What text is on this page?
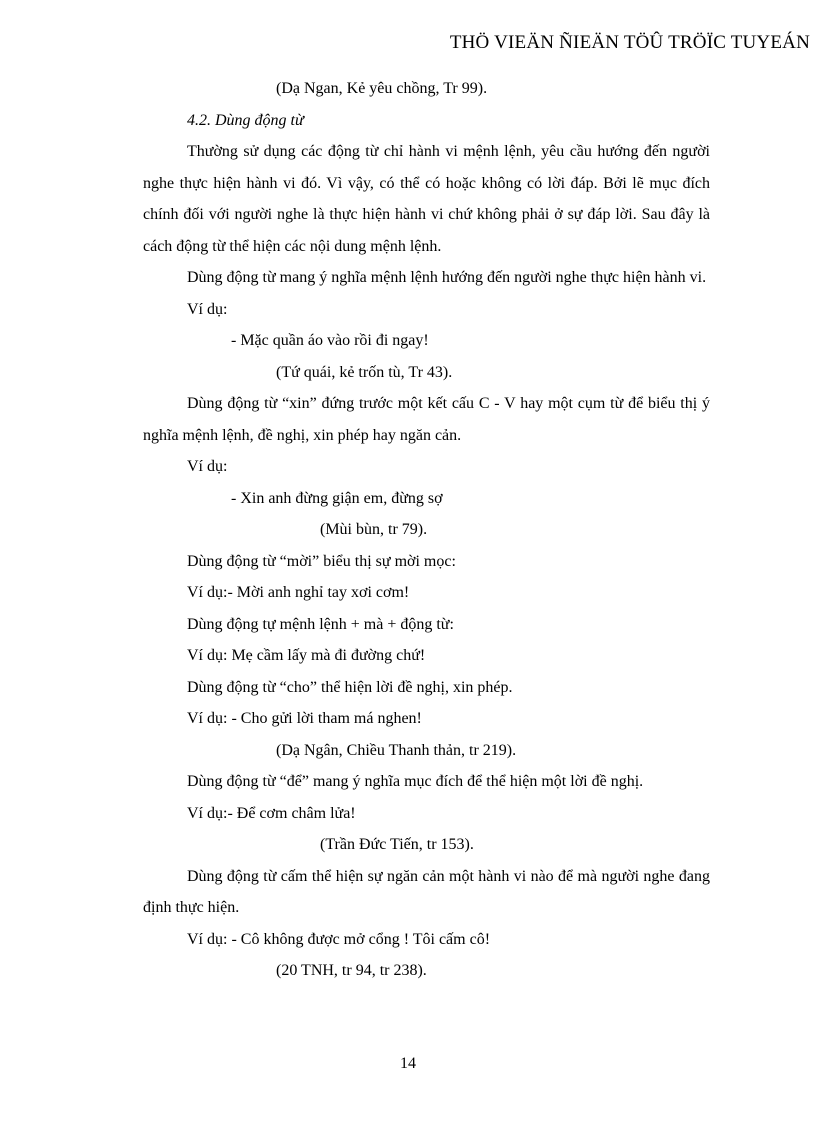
THÖ VIEÄN ÑIEÄN TÖÛ TRÖÏC TUYEÁN

(Dạ Ngan, Kẻ yêu chồng, Tr 99).

4.2. Dùng động từ

Thường sử dụng các động từ chỉ hành vi mệnh lệnh, yêu cầu hướng đến người nghe thực hiện hành vi đó. Vì vậy, có thể có hoặc không có lời đáp. Bởi lẽ mục đích chính đối với người nghe là thực hiện hành vi chứ không phải ở sự đáp lời. Sau đây là cách động từ thể hiện các nội dung mệnh lệnh.

Dùng động từ mang ý nghĩa mệnh lệnh hướng đến người nghe thực hiện hành vi.

Ví dụ:

- Mặc quần áo vào rồi đi ngay!

(Tứ quái, kẻ trốn tù, Tr 43).

Dùng động từ “xin” đứng trước một kết cấu C - V hay một cụm từ để biểu thị ý nghĩa mệnh lệnh, đề nghị, xin phép hay ngăn cản.

Ví dụ:

- Xin anh đừng giận em, đừng sợ

(Mùi bùn, tr 79).

Dùng động từ “mời” biểu thị sự mời mọc:

Ví dụ:- Mời anh nghỉ tay xơi cơm!

Dùng động tự mệnh lệnh + mà + động từ:

Ví dụ: Mẹ cầm lấy mà đi đường chứ!

Dùng động từ “cho” thể hiện lời đề nghị, xin phép.

Ví dụ: - Cho gửi lời tham má nghen!

(Dạ Ngân, Chiều Thanh thản, tr 219).

Dùng động từ “để” mang ý nghĩa mục đích để thể hiện một lời đề nghị.

Ví dụ:- Để cơm châm lửa!

(Trần Đức Tiến, tr 153).

Dùng động từ cấm thể hiện sự ngăn cản một hành vi nào để mà người nghe đang định thực hiện.

Ví dụ: - Cô không được mở cổng ! Tôi cấm cô!

(20 TNH, tr 94, tr 238).

14
